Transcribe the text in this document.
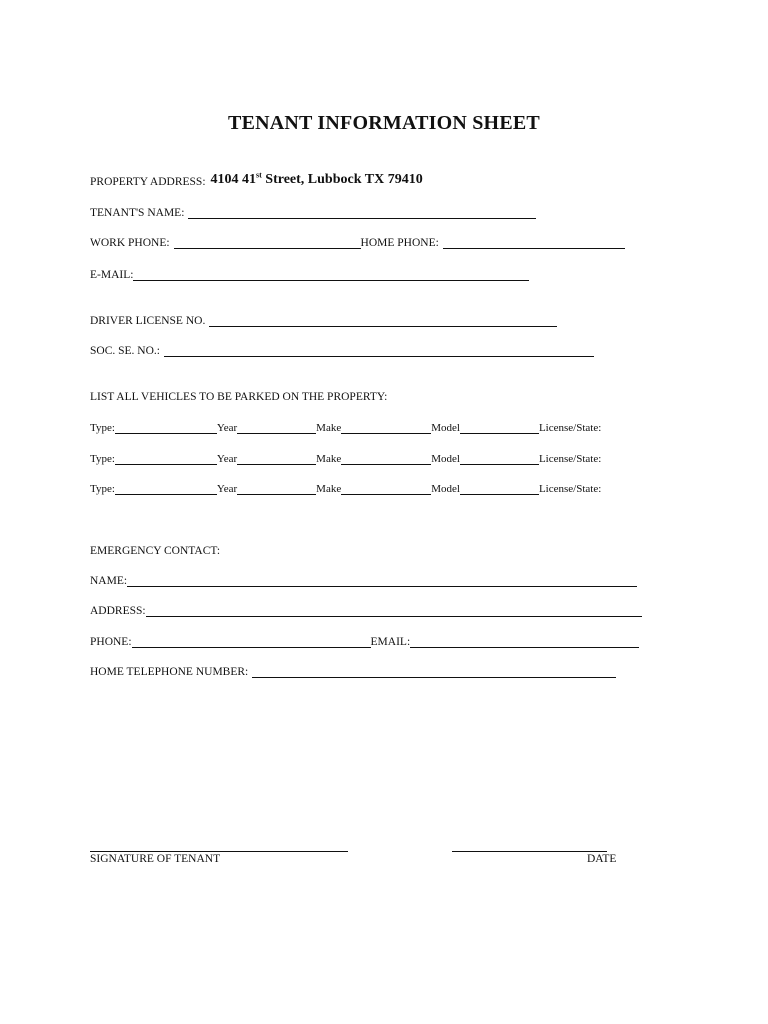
TENANT INFORMATION SHEET
PROPERTY ADDRESS: 4104 41st Street, Lubbock TX 79410
TENANT'S NAME:
WORK PHONE:	HOME PHONE:
E-MAIL:
DRIVER LICENSE NO.
SOC. SE. NO.:
LIST ALL VEHICLES TO BE PARKED ON THE PROPERTY:
Type:	Year	Make	Model	License/State:
Type:	Year	Make	Model	License/State:
Type:	Year	Make	Model	License/State:
EMERGENCY CONTACT:
NAME:
ADDRESS:
PHONE:	EMAIL:
HOME TELEPHONE NUMBER:
SIGNATURE OF TENANT	DATE
